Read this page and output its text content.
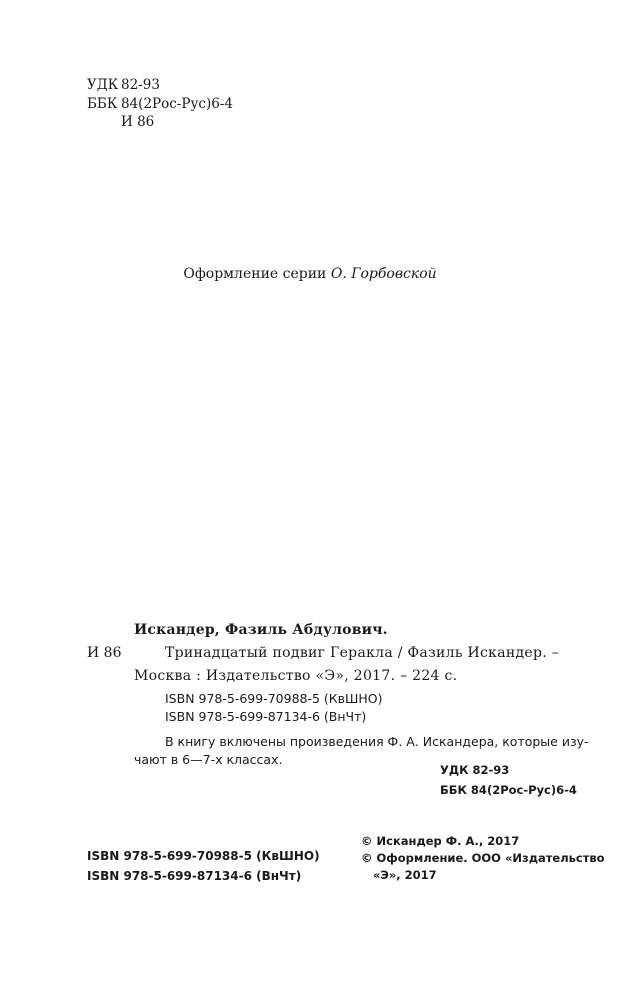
УДК 82-93
ББК 84(2Рос-Рус)6-4
И 86
Оформление серии О. Горбовской
Искандер, Фазиль Абдулович.
И 86	Тринадцатый подвиг Геракла / Фазиль Искандер. –
Москва : Издательство «Э», 2017. – 224 с.
ISBN 978-5-699-70988-5 (КвШНО)
ISBN 978-5-699-87134-6 (ВнЧт)
В книгу включены произведения Ф. А. Искандера, которые изу-
чают в 6—7-х классах.
УДК 82-93
ББК 84(2Рос-Рус)6-4
ISBN 978-5-699-70988-5 (КвШНО)
ISBN 978-5-699-87134-6 (ВнЧт)
© Искандер Ф. А., 2017
© Оформление. ООО «Издательство
«Э», 2017
